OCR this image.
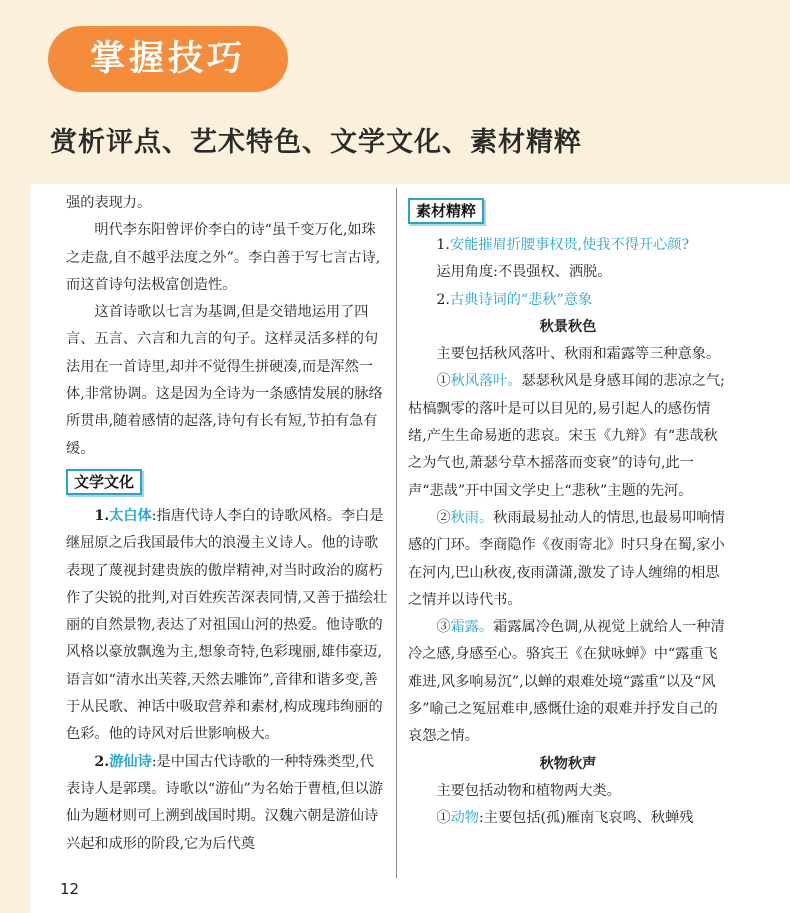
掌握技巧
赏析评点、艺术特色、文学文化、素材精粹

强的表现力。

明代李东阳曾评价李白的诗“虽千变万化,如珠之走盘,自不越乎法度之外”。李白善于写七言古诗,而这首诗句法极富创造性。

这首诗歌以七言为基调,但是交错地运用了四言、五言、六言和九言的句子。这样灵活多样的句法用在一首诗里,却并不觉得生拼硬凑,而是浑然一体,非常协调。这是因为全诗为一条感情发展的脉络所贯串,随着感情的起落,诗句有长有短,节拍有急有缓。

文学文化

1.太白体:指唐代诗人李白的诗歌风格。李白是继屈原之后我国最伟大的浪漫主义诗人。他的诗歌表现了蔑视封建贵族的傲岸精神,对当时政治的腐朽作了尖锐的批判,对百姓疾苦深表同情,又善于描绘壮丽的自然景物,表达了对祖国山河的热爱。他诗歌的风格以豪放飘逸为主,想象奇特,色彩瑰丽,雄伟豪迈,语言如“清水出芙蓉,天然去雕饰”,音律和谐多变,善于从民歌、神话中吸取营养和素材,构成瑰玮绚丽的色彩。他的诗风对后世影响极大。

2.游仙诗:是中国古代诗歌的一种特殊类型,代表诗人是郭璞。诗歌以“游仙”为名始于曹植,但以游仙为题材则可上溯到战国时期。汉魏六朝是游仙诗兴起和成形的阶段,它为后代奠

素材精粹

1.安能摧眉折腰事权贵,使我不得开心颜?

运用角度:不畏强权、洒脱。

2.古典诗词的“悲秋”意象

秋景秋色

主要包括秋风落叶、秋雨和霜露等三种意象。

①秋风落叶。瑟瑟秋风是身感耳闻的悲凉之气;枯槁飘零的落叶是可以目见的,易引起人的感伤情绪,产生生命易逝的悲哀。宋玉《九辩》有“悲哉秋之为气也,萧瑟兮草木摇落而变衰”的诗句,此一声“悲哉”开中国文学史上“悲秋”主题的先河。

②秋雨。秋雨最易扯动人的情思,也最易叩响情感的门环。李商隐作《夜雨寄北》时只身在蜀,家小在河内,巴山秋夜,夜雨潇潇,激发了诗人缠绵的相思之情并以诗代书。

③霜露。霜露属冷色调,从视觉上就给人一种清冷之感,身感至心。骆宾王《在狱咏蝉》中“露重飞难进,风多响易沉”,以蝉的艰难处境“露重”以及“风多”喻己之冤屈难申,感慨仕途的艰难并抒发自己的哀怨之情。

秋物秋声

主要包括动物和植物两大类。

①动物:主要包括(孤)雁南飞哀鸣、秋蝉残

12
